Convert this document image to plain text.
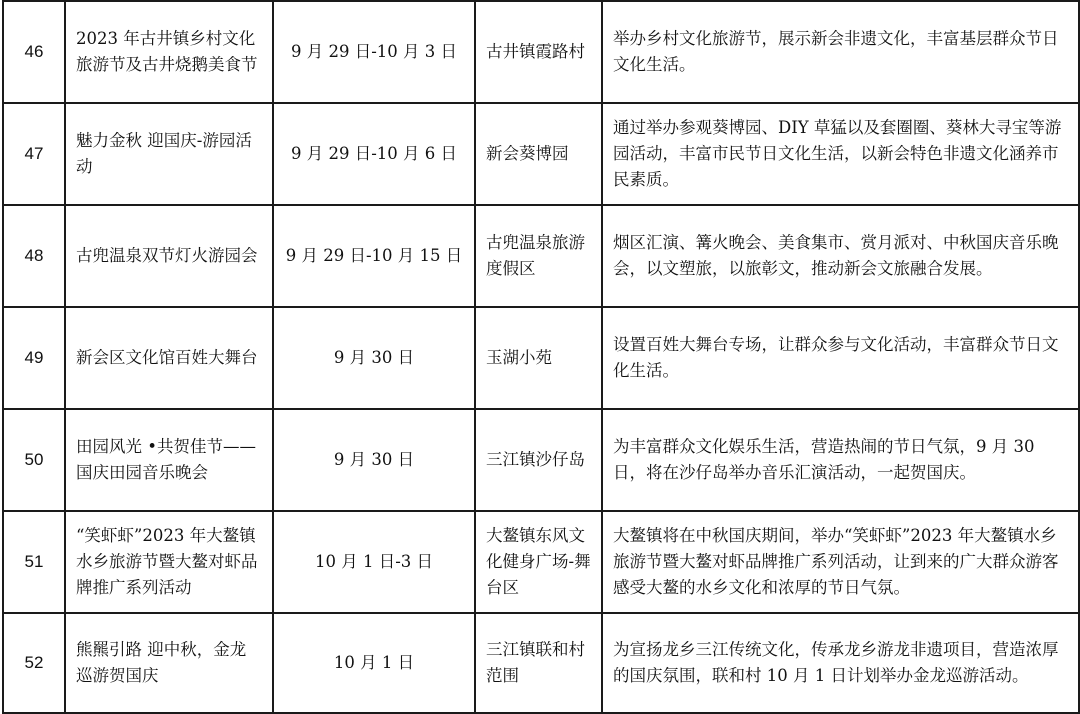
46	2023 年古井镇乡村文化旅游节及古井烧鹅美食节	9 月 29 日-10 月 3 日	古井镇霞路村	举办乡村文化旅游节，展示新会非遗文化，丰富基层群众节日文化生活。
47	魅力金秋 迎国庆-游园活动	9 月 29 日-10 月 6 日	新会葵博园	通过举办参观葵博园、DIY 草猛以及套圈圈、葵林大寻宝等游园活动，丰富市民节日文化生活，以新会特色非遗文化涵养市民素质。
48	古兜温泉双节灯火游园会	9 月 29 日-10 月 15 日	古兜温泉旅游度假区	烟区汇演、篝火晚会、美食集市、赏月派对、中秋国庆音乐晚会，以文塑旅，以旅彰文，推动新会文旅融合发展。
49	新会区文化馆百姓大舞台	9 月 30 日	玉湖小苑	设置百姓大舞台专场，让群众参与文化活动，丰富群众节日文化生活。
50	田园风光 •共贺佳节——国庆田园音乐晚会	9 月 30 日	三江镇沙仔岛	为丰富群众文化娱乐生活，营造热闹的节日气氛，9 月 30 日，将在沙仔岛举办音乐汇演活动，一起贺国庆。
51	“笑虾虾”2023 年大鳌镇水乡旅游节暨大鳌对虾品牌推广系列活动	10 月 1 日-3 日	大鳌镇东风文化健身广场-舞台区	大鳌镇将在中秋国庆期间，举办“笑虾虾”2023 年大鳌镇水乡旅游节暨大鳌对虾品牌推广系列活动，让到来的广大群众游客感受大鳌的水乡文化和浓厚的节日气氛。
52	熊羆引路 迎中秋，金龙巡游贺国庆	10 月 1 日	三江镇联和村范围	为宣扬龙乡三江传统文化，传承龙乡游龙非遗项目，营造浓厚的国庆氛围，联和村 10 月 1 日计划举办金龙巡游活动。
